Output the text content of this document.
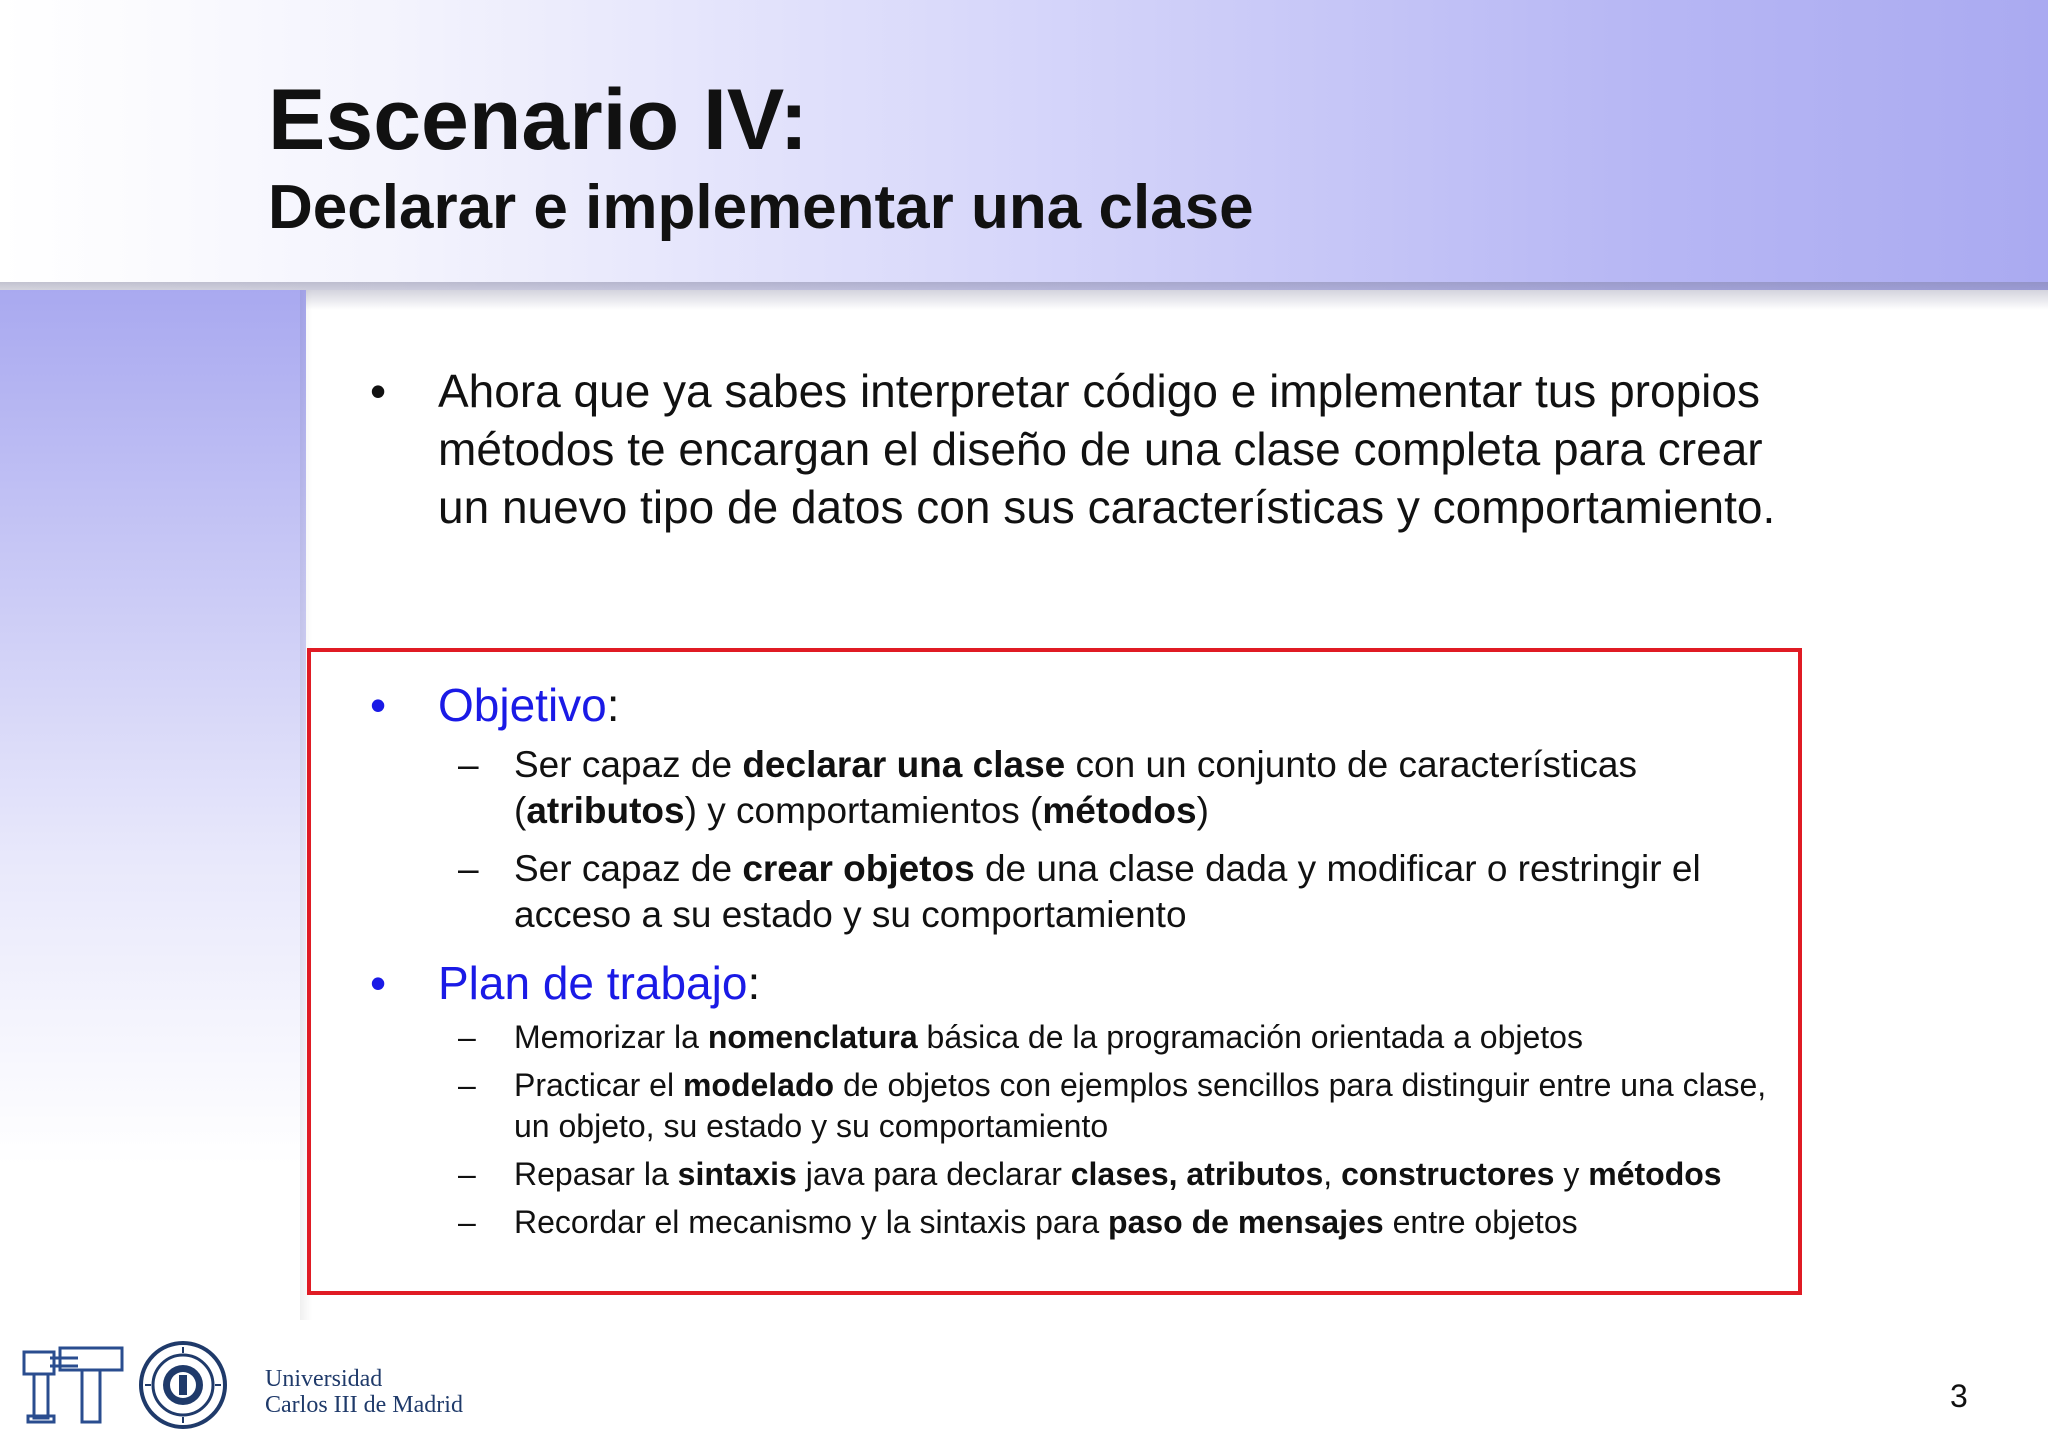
Escenario IV:
Declarar e implementar una clase
• Ahora que ya sabes interpretar código e implementar tus propios métodos te encargan el diseño de una clase completa para crear un nuevo tipo de datos con sus características y comportamiento.
• Objetivo:
– Ser capaz de declarar una clase con un conjunto de características (atributos) y comportamientos (métodos)
– Ser capaz de crear objetos de una clase dada y modificar o restringir el acceso a su estado y su comportamiento
• Plan de trabajo:
– Memorizar la nomenclatura básica de la programación orientada a objetos
– Practicar el modelado de objetos con ejemplos sencillos para distinguir entre una clase, un objeto, su estado y su comportamiento
– Repasar la sintaxis java para declarar clases, atributos, constructores y métodos
– Recordar el mecanismo y la sintaxis para paso de mensajes entre objetos
Universidad
Carlos III de Madrid	3
